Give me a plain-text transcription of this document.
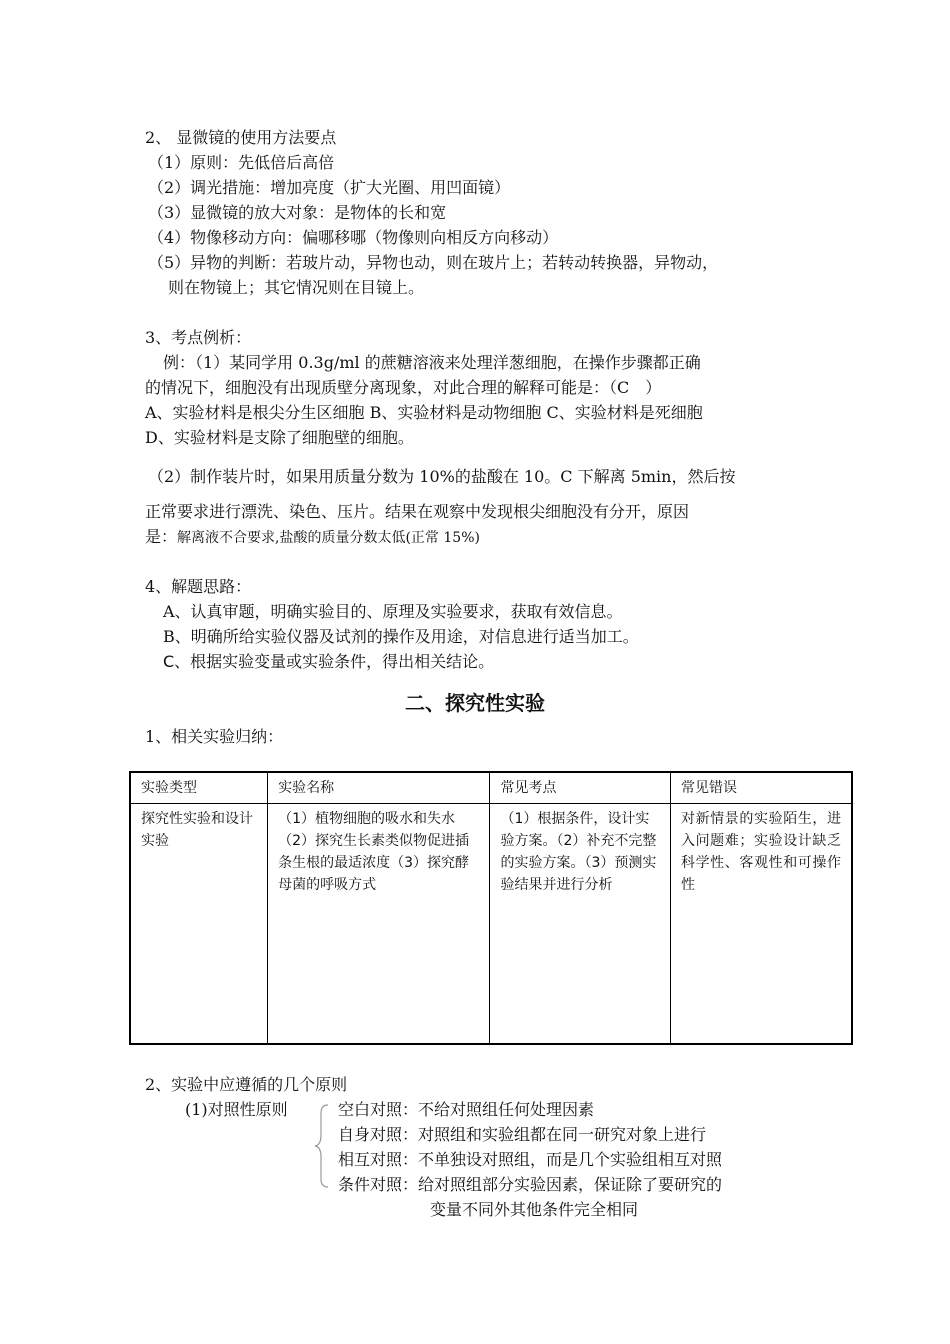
2、 显微镜的使用方法要点
（1）原则：先低倍后高倍
（2）调光措施：增加亮度（扩大光圈、用凹面镜）
（3）显微镜的放大对象：是物体的长和宽
（4）物像移动方向：偏哪移哪（物像则向相反方向移动）
（5）异物的判断：若玻片动，异物也动，则在玻片上；若转动转换器，异物动，
则在物镜上；其它情况则在目镜上。
3、考点例析：
例：（1）某同学用 0.3g/ml 的蔗糖溶液来处理洋葱细胞，在操作步骤都正确
的情况下，细胞没有出现质壁分离现象，对此合理的解释可能是：（C　）
A、实验材料是根尖分生区细胞 B、实验材料是动物细胞 C、实验材料是死细胞
D、实验材料是支除了细胞壁的细胞。
（2）制作装片时，如果用质量分数为 10%的盐酸在 10。C 下解离 5min，然后按
正常要求进行漂洗、染色、压片。结果在观察中发现根尖细胞没有分开，原因
是：解离液不合要求,盐酸的质量分数太低(正常 15%)
4、解题思路：
A、认真审题，明确实验目的、原理及实验要求，获取有效信息。
B、明确所给实验仪器及试剂的操作及用途，对信息进行适当加工。
C、根据实验变量或实验条件，得出相关结论。
二、探究性实验
1、相关实验归纳：
实验类型	实验名称	常见考点	常见错误
探究性实验和设计实验	（1）植物细胞的吸水和失水（2）探究生长素类似物促进插条生根的最适浓度（3）探究酵母菌的呼吸方式	（1）根据条件，设计实验方案。（2）补充不完整的实验方案。（3）预测实验结果并进行分析	对新情景的实验陌生，进入问题难；实验设计缺乏科学性、客观性和可操作性
2、实验中应遵循的几个原则
(1)对照性原则	空白对照：不给对照组任何处理因素
自身对照：对照组和实验组都在同一研究对象上进行
相互对照：不单独设对照组，而是几个实验组相互对照
条件对照：给对照组部分实验因素，保证除了要研究的
变量不同外其他条件完全相同
